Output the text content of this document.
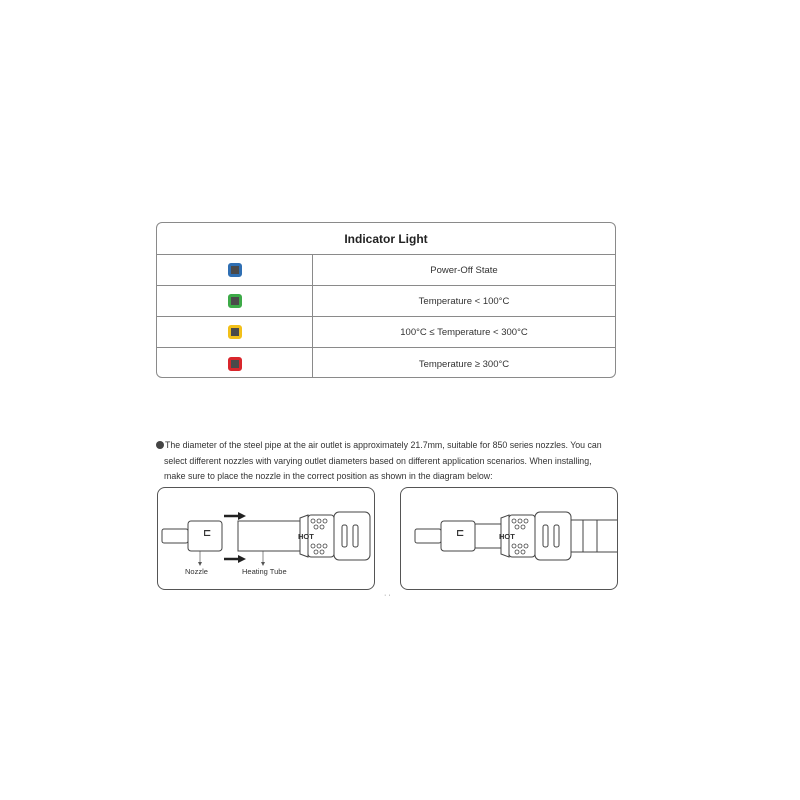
Indicator Light
Power-Off State
Temperature < 100°C
100°C ≤ Temperature < 300°C
Temperature ≥ 300°C
The diameter of the steel pipe at the air outlet is approximately 21.7mm, suitable for 850 series nozzles. You can
select different nozzles with varying outlet diameters based on different application scenarios. When installing,
make sure to place the nozzle in the correct position as shown in the diagram below:
⊏	HOT
Nozzle	Heating Tube
⊏	HOT
· ·
